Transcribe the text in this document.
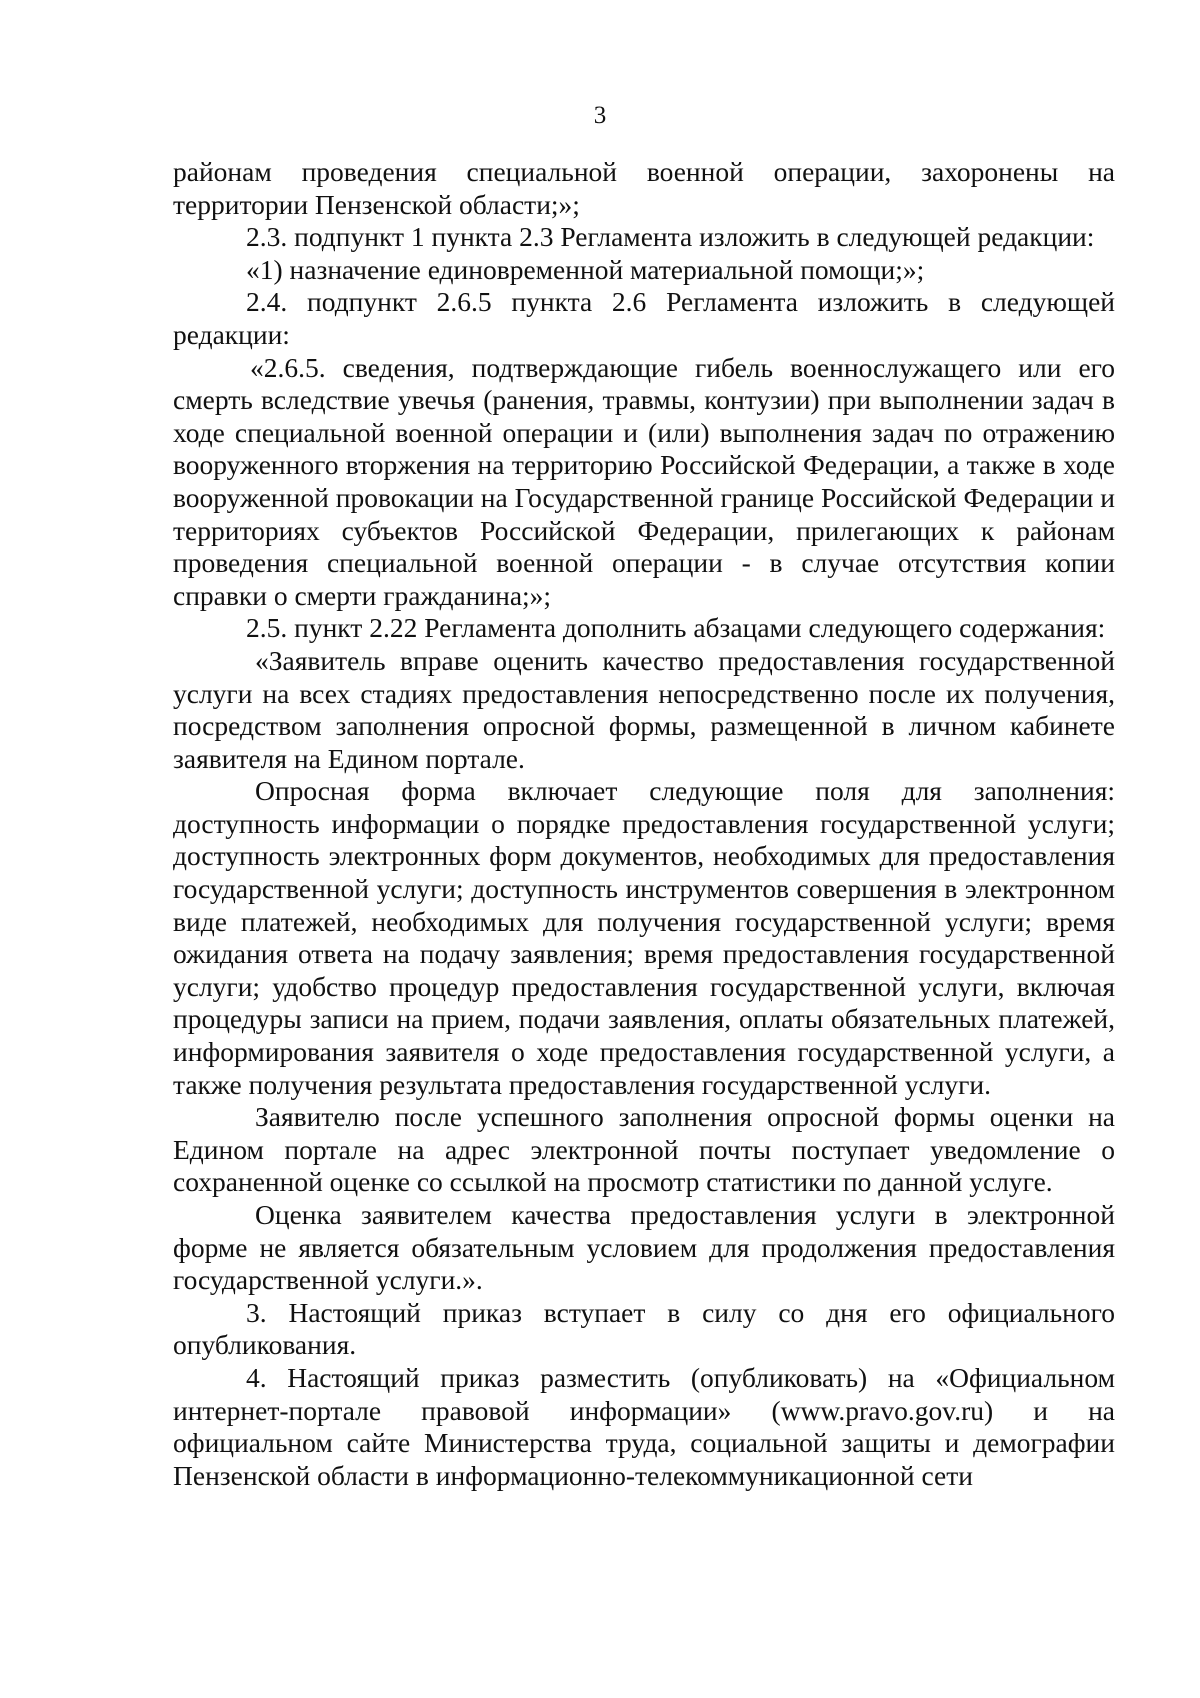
3

районам проведения специальной военной операции, захоронены на территории Пензенской области;»;

2.3. подпункт 1 пункта 2.3 Регламента изложить в следующей редакции:

«1) назначение единовременной материальной помощи;»;

2.4. подпункт 2.6.5 пункта 2.6 Регламента изложить в следующей редакции:

«2.6.5. сведения, подтверждающие гибель военнослужащего или его смерть вследствие увечья (ранения, травмы, контузии) при выполнении задач в ходе специальной военной операции и (или) выполнения задач по отражению вооруженного вторжения на территорию Российской Федерации, а также в ходе вооруженной провокации на Государственной границе Российской Федерации и территориях субъектов Российской Федерации, прилегающих к районам проведения специальной военной операции - в случае отсутствия копии справки о смерти гражданина;»;

2.5. пункт 2.22 Регламента дополнить абзацами следующего содержания:

«Заявитель вправе оценить качество предоставления государственной услуги на всех стадиях предоставления непосредственно после их получения, посредством заполнения опросной формы, размещенной в личном кабинете заявителя на Едином портале.

Опросная форма включает следующие поля для заполнения: доступность информации о порядке предоставления государственной услуги; доступность электронных форм документов, необходимых для предоставления государственной услуги; доступность инструментов совершения в электронном виде платежей, необходимых для получения государственной услуги; время ожидания ответа на подачу заявления; время предоставления государственной услуги; удобство процедур предоставления государственной услуги, включая процедуры записи на прием, подачи заявления, оплаты обязательных платежей, информирования заявителя о ходе предоставления государственной услуги, а также получения результата предоставления государственной услуги.

Заявителю после успешного заполнения опросной формы оценки на Едином портале на адрес электронной почты поступает уведомление о сохраненной оценке со ссылкой на просмотр статистики по данной услуге.

Оценка заявителем качества предоставления услуги в электронной форме не является обязательным условием для продолжения предоставления государственной услуги.».

3. Настоящий приказ вступает в силу со дня его официального опубликования.

4. Настоящий приказ разместить (опубликовать) на «Официальном интернет-портале правовой информации» (www.pravo.gov.ru) и на официальном сайте Министерства труда, социальной защиты и демографии Пензенской области в информационно-телекоммуникационной сети
